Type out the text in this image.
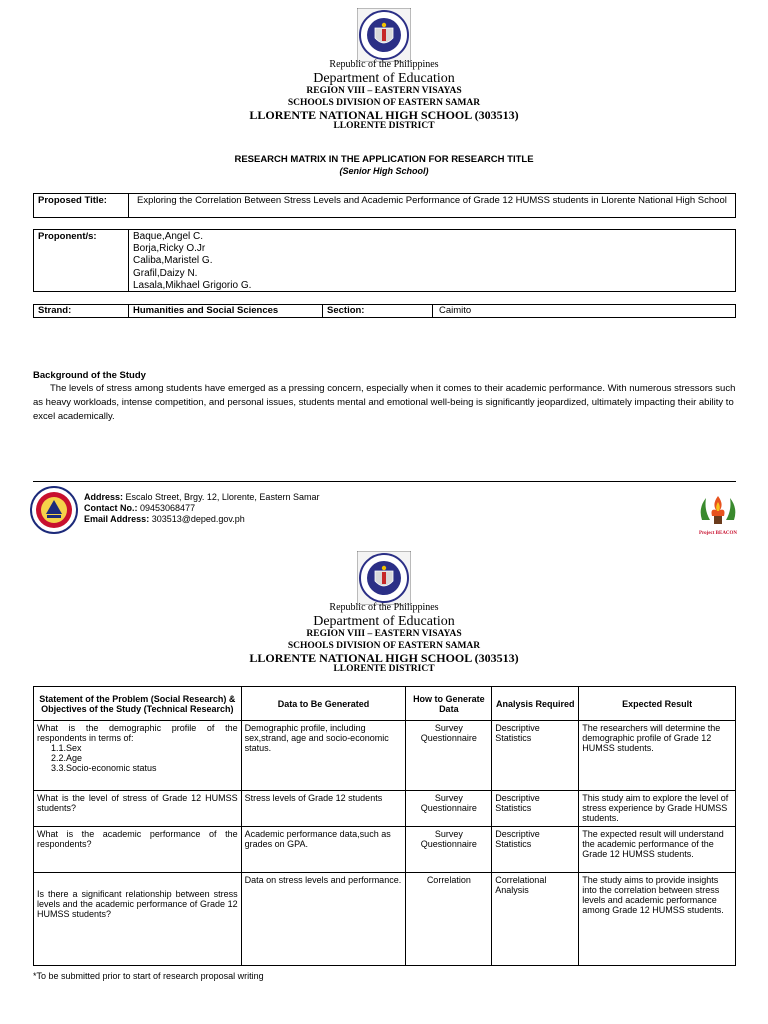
Republic of the Philippines
Department of Education
REGION VIII – EASTERN VISAYAS
SCHOOLS DIVISION OF EASTERN SAMAR
LLORENTE NATIONAL HIGH SCHOOL (303513)
LLORENTE DISTRICT
RESEARCH MATRIX IN THE APPLICATION FOR RESEARCH TITLE
(Senior High School)
Proposed Title:	Exploring the Correlation Between Stress Levels and Academic Performance of Grade 12 HUMSS students in Llorente National High School
Proponent/s:	Baque,Angel C.
Borja,Ricky O.Jr
Caliba,Maristel G.
Grafil,Daizy N.
Lasala,Mikhael Grigorio G.
Strand:	Humanities and Social Sciences	Section:	Caimito
Background of the Study
The levels of stress among students have emerged as a pressing concern, especially when it comes to their academic performance. With numerous stressors such as heavy workloads, intense competition, and personal issues, students mental and emotional well-being is significantly jeopardized, ultimately impacting their ability to excel academically.
Address: Escalo Street, Brgy. 12, Llorente, Eastern Samar
Contact No.: 09453068477
Email Address: 303513@deped.gov.ph
Project BEACON
Republic of the Philippines
Department of Education
REGION VIII – EASTERN VISAYAS
SCHOOLS DIVISION OF EASTERN SAMAR
LLORENTE NATIONAL HIGH SCHOOL (303513)
LLORENTE DISTRICT
Statement of the Problem (Social Research) & Objectives of the Study (Technical Research)	Data to Be Generated	How to Generate Data	Analysis Required	Expected Result

What is the demographic profile of the respondents in terms of:
1.1.Sex
2.2.Age
3.3.Socio-economic status	Demographic profile, including sex,strand, age and socio-economic status.	Survey Questionnaire	Descriptive Statistics	The researchers will determine the demographic profile of Grade 12 HUMSS students.
What is the level of stress of Grade 12 HUMSS students?	Stress levels of Grade 12 students	Survey Questionnaire	Descriptive Statistics	This study aim to explore the level of stress experience by Grade HUMSS students.
What is the academic performance of the respondents?	Academic performance data,such as grades on GPA.	Survey Questionnaire	Descriptive Statistics	The expected result will understand the academic performance of the Grade 12 HUMSS students.
Is there a significant relationship between stress levels and the academic performance of Grade 12 HUMSS students?	Data on stress levels and performance.	Correlation	Correlational Analysis	The study aims to provide insights into the correlation between stress levels and academic performance among Grade 12 HUMSS students.
*To be submitted prior to start of research proposal writing
